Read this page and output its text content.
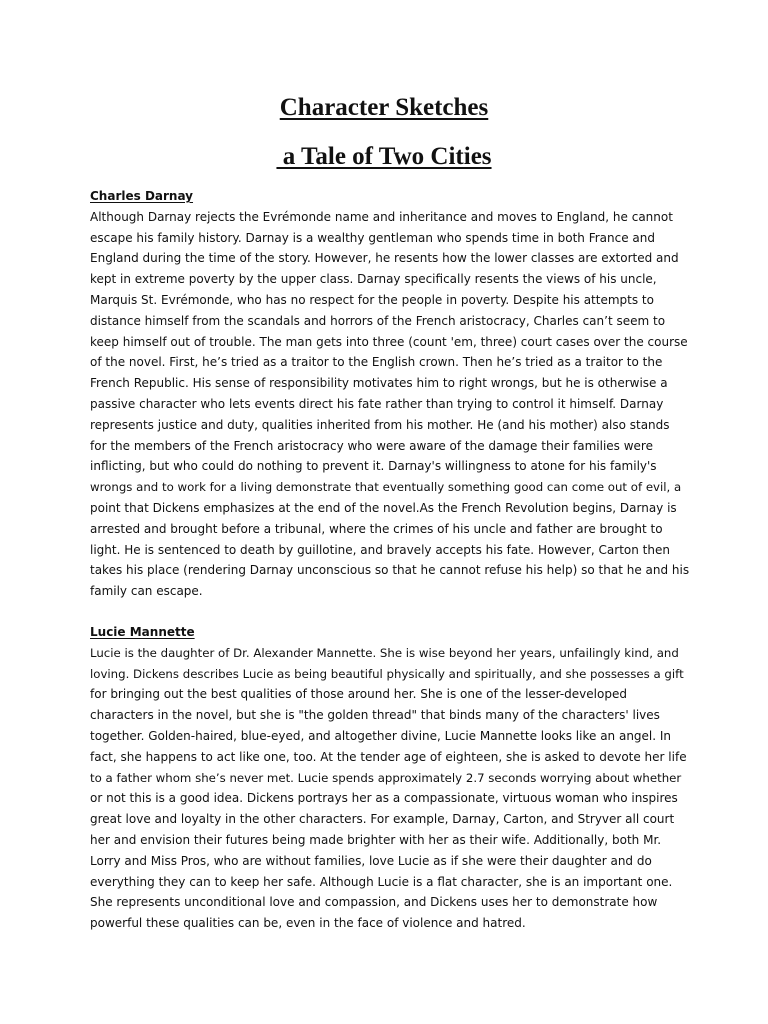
Character Sketches
a Tale of Two Cities
Charles Darnay
Although Darnay rejects the Evrémonde name and inheritance and moves to England, he cannot
escape his family history. Darnay is a wealthy gentleman who spends time in both France and
England during the time of the story. However, he resents how the lower classes are extorted and
kept in extreme poverty by the upper class. Darnay specifically resents the views of his uncle,
Marquis St. Evrémonde, who has no respect for the people in poverty. Despite his attempts to
distance himself from the scandals and horrors of the French aristocracy, Charles can’t seem to
keep himself out of trouble. The man gets into three (count 'em, three) court cases over the course
of the novel. First, he’s tried as a traitor to the English crown. Then he’s tried as a traitor to the
French Republic. His sense of responsibility motivates him to right wrongs, but he is otherwise a
passive character who lets events direct his fate rather than trying to control it himself. Darnay
represents justice and duty, qualities inherited from his mother. He (and his mother) also stands
for the members of the French aristocracy who were aware of the damage their families were
inflicting, but who could do nothing to prevent it. Darnay's willingness to atone for his family's
wrongs and to work for a living demonstrate that eventually something good can come out of evil, a
point that Dickens emphasizes at the end of the novel.As the French Revolution begins, Darnay is
arrested and brought before a tribunal, where the crimes of his uncle and father are brought to
light. He is sentenced to death by guillotine, and bravely accepts his fate. However, Carton then
takes his place (rendering Darnay unconscious so that he cannot refuse his help) so that he and his
family can escape.
Lucie Mannette
Lucie is the daughter of Dr. Alexander Mannette. She is wise beyond her years, unfailingly kind, and
loving. Dickens describes Lucie as being beautiful physically and spiritually, and she possesses a gift
for bringing out the best qualities of those around her. She is one of the lesser-developed
characters in the novel, but she is "the golden thread" that binds many of the characters' lives
together. Golden-haired, blue-eyed, and altogether divine, Lucie Mannette looks like an angel. In
fact, she happens to act like one, too. At the tender age of eighteen, she is asked to devote her life
to a father whom she’s never met. Lucie spends approximately 2.7 seconds worrying about whether
or not this is a good idea. Dickens portrays her as a compassionate, virtuous woman who inspires
great love and loyalty in the other characters. For example, Darnay, Carton, and Stryver all court
her and envision their futures being made brighter with her as their wife. Additionally, both Mr.
Lorry and Miss Pros, who are without families, love Lucie as if she were their daughter and do
everything they can to keep her safe. Although Lucie is a flat character, she is an important one.
She represents unconditional love and compassion, and Dickens uses her to demonstrate how
powerful these qualities can be, even in the face of violence and hatred.
